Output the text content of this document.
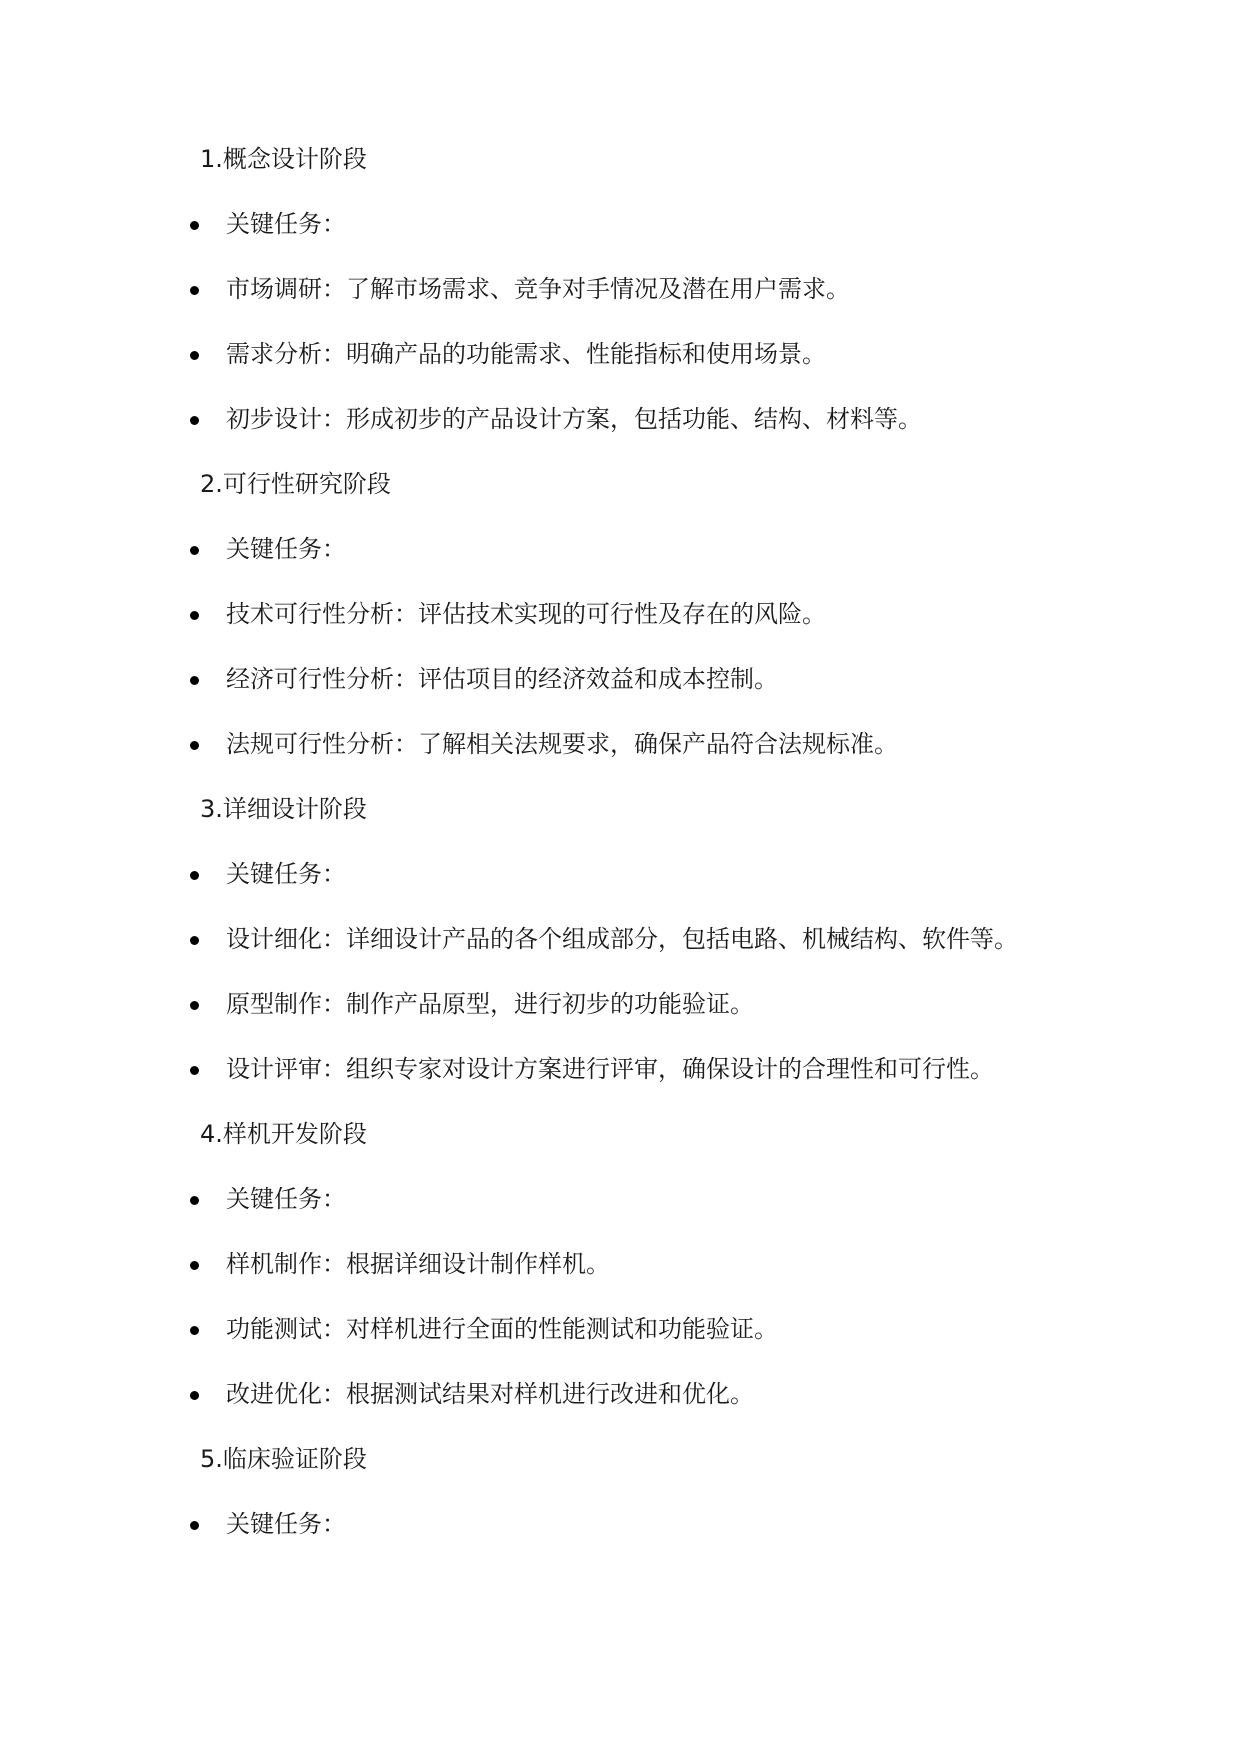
1.概念设计阶段
关键任务：
市场调研：了解市场需求、竞争对手情况及潜在用户需求。
需求分析：明确产品的功能需求、性能指标和使用场景。
初步设计：形成初步的产品设计方案，包括功能、结构、材料等。
2.可行性研究阶段
关键任务：
技术可行性分析：评估技术实现的可行性及存在的风险。
经济可行性分析：评估项目的经济效益和成本控制。
法规可行性分析：了解相关法规要求，确保产品符合法规标准。
3.详细设计阶段
关键任务：
设计细化：详细设计产品的各个组成部分，包括电路、机械结构、软件等。
原型制作：制作产品原型，进行初步的功能验证。
设计评审：组织专家对设计方案进行评审，确保设计的合理性和可行性。
4.样机开发阶段
关键任务：
样机制作：根据详细设计制作样机。
功能测试：对样机进行全面的性能测试和功能验证。
改进优化：根据测试结果对样机进行改进和优化。
5.临床验证阶段
关键任务：
